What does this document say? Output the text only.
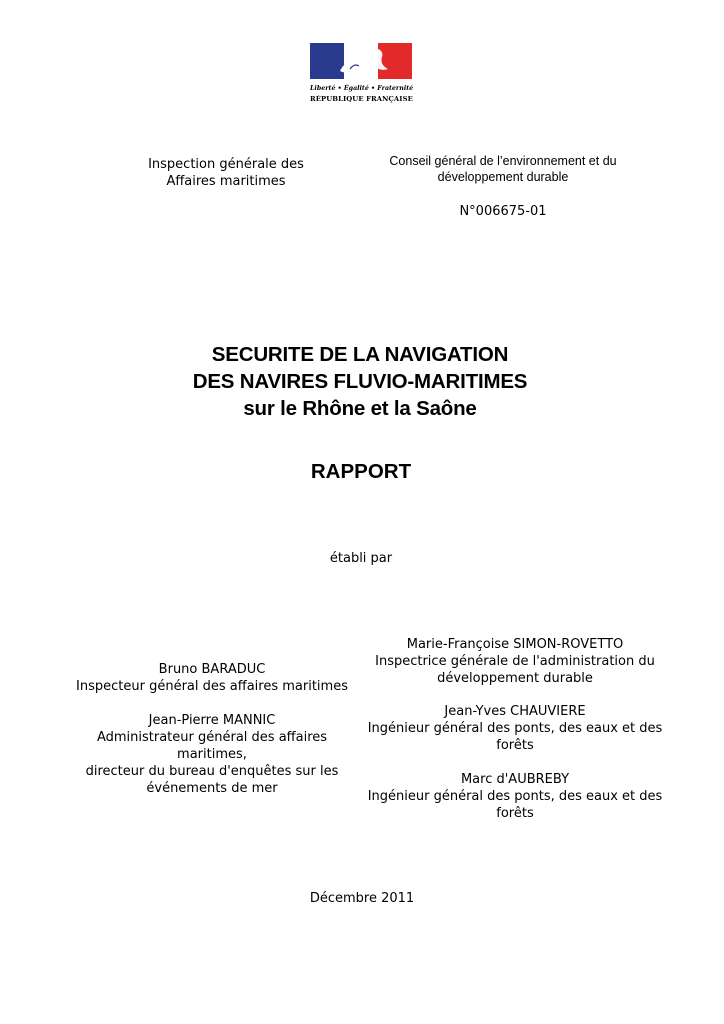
Liberté • Égalité • Fraternité
RÉPUBLIQUE FRANÇAISE
Inspection générale des
Affaires maritimes
Conseil général de l’environnement et du
développement durable
N°006675-01
SECURITE DE LA NAVIGATION
DES NAVIRES FLUVIO-MARITIMES
sur le Rhône et la Saône
RAPPORT
établi par
Bruno BARADUC
Inspecteur général des affaires maritimes
Jean-Pierre MANNIC
Administrateur général des affaires
maritimes,
directeur du bureau d'enquêtes sur les
événements de mer
Marie-Françoise SIMON-ROVETTO
Inspectrice générale de l'administration du
développement durable
Jean-Yves CHAUVIERE
Ingénieur général des ponts, des eaux et des
forêts
Marc d'AUBREBY
Ingénieur général des ponts, des eaux et des
forêts
Décembre 2011
